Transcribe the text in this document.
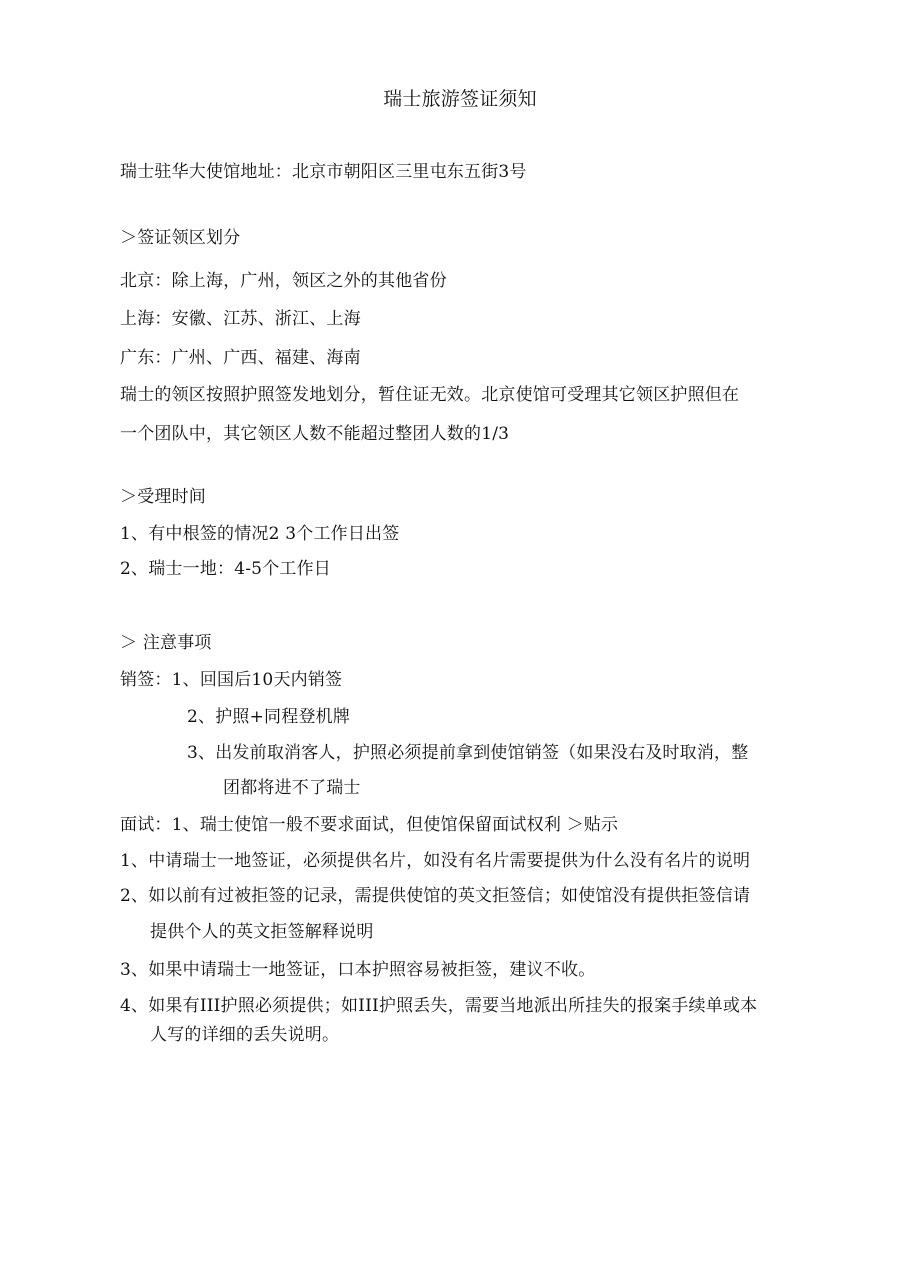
瑞士旅游签证须知
瑞士驻华大使馆地址：北京市朝阳区三里屯东五街3号
＞签证领区划分
北京：除上海，广州，领区之外的其他省份
上海：安徽、江苏、浙江、上海
广东：广州、广西、福建、海南
瑞士的领区按照护照签发地划分，暂住证无效。北京使馆可受理其它领区护照但在
一个团队中，其它领区人数不能超过整团人数的1/3
＞受理时间
1、有中根签的情况2 3个工作日出签
2、瑞士一地：4-5个工作日
＞ 注意事项
销签：1、回国后10天内销签
2、护照+同程登机牌
3、出发前取消客人，护照必须提前拿到使馆销签（如果没右及时取消，整
团都将进不了瑞士
面试：1、瑞士使馆一般不要求面试，但使馆保留面试权利 ＞贴示
1、中请瑞士一地签证，必须提供名片，如没有名片需要提供为什么没有名片的说明
2、如以前有过被拒签的记录，需提供使馆的英文拒签信；如使馆没有提供拒签信请
提供个人的英文拒签解释说明
3、如果中请瑞士一地签证，口本护照容易被拒签，建议不收。
4、如果有III护照必须提供；如III护照丢失，需要当地派出所挂失的报案手续单或本
人写的详细的丢失说明。
